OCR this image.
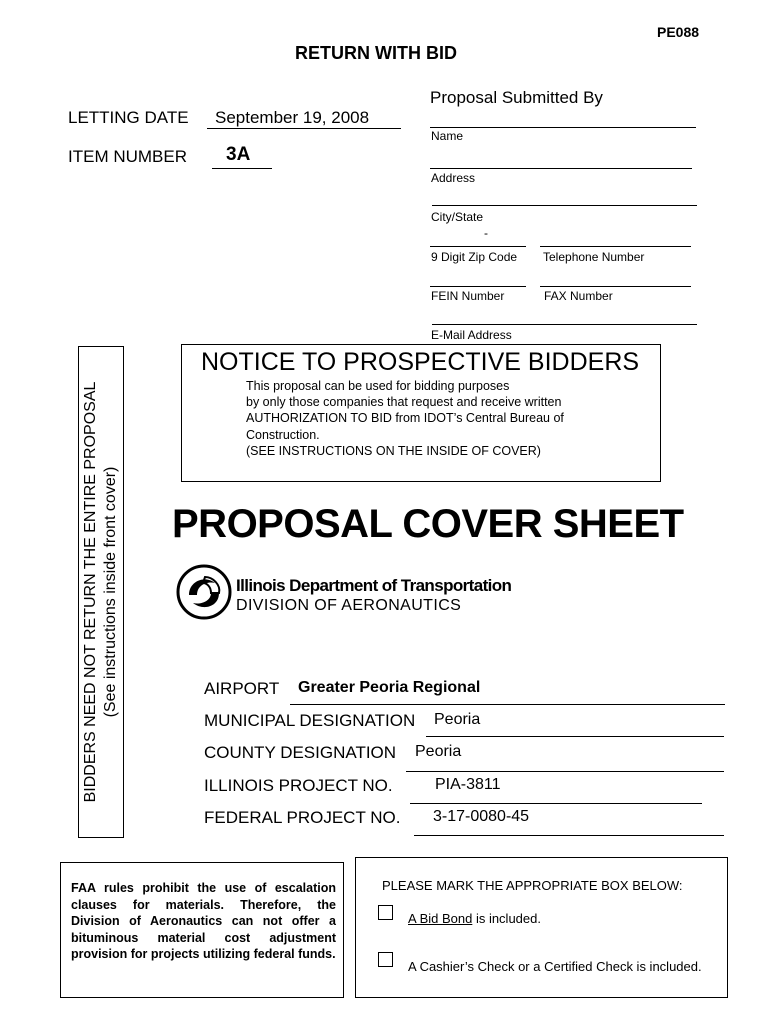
PE088
RETURN WITH BID
LETTING DATE September 19, 2008
ITEM NUMBER 3A
Proposal Submitted By
Name
Address
City/State
-
9 Digit Zip Code Telephone Number
FEIN Number	FAX Number
E-Mail Address
BIDDERS NEED NOT RETURN THE ENTIRE PROPOSAL (See instructions inside front cover)
NOTICE TO PROSPECTIVE BIDDERS
This proposal can be used for bidding purposes
by only those companies that request and receive written
AUTHORIZATION TO BID from IDOT’s Central Bureau of
Construction.
(SEE INSTRUCTIONS ON THE INSIDE OF COVER)
PROPOSAL COVER SHEET
Illinois Department of Transportation
DIVISION OF AERONAUTICS
AIRPORT Greater Peoria Regional
MUNICIPAL DESIGNATION Peoria
COUNTY DESIGNATION Peoria
ILLINOIS PROJECT NO.	PIA-3811
FEDERAL PROJECT NO. 3-17-0080-45
FAA rules prohibit the use of escalation clauses for materials. Therefore, the Division of Aeronautics can not offer a bituminous material cost adjustment provision for projects utilizing federal funds.
PLEASE MARK THE APPROPRIATE BOX BELOW:
A Bid Bond is included.
A Cashier’s Check or a Certified Check is included.
